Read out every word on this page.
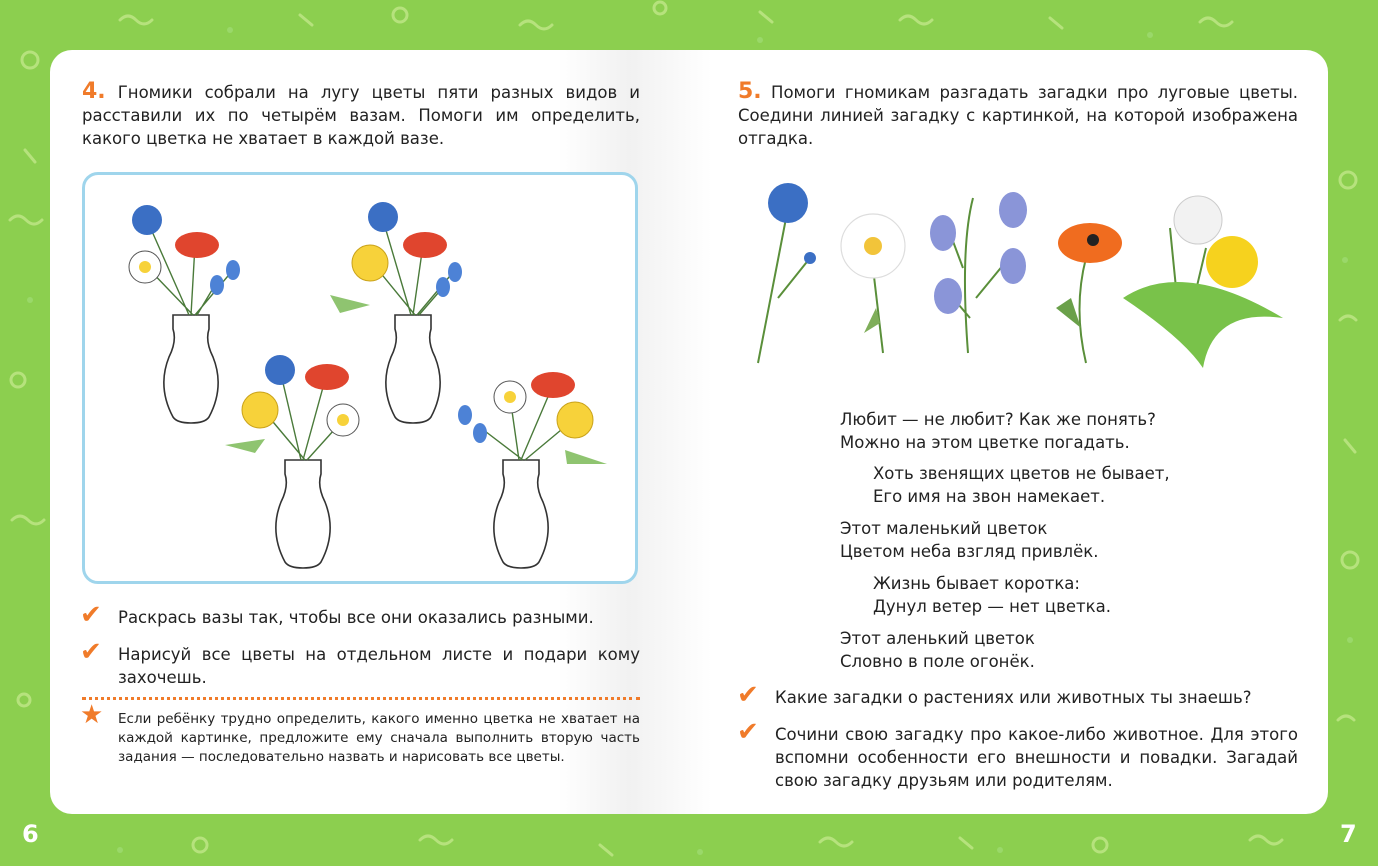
6	7
4. Гномики собрали на лугу цветы пяти разных видов и расставили их по четырём вазам. Помоги им определить, какого цветка не хватает в каждой вазе.
✔ Раскрась вазы так, чтобы все они оказались разными.
✔ Нарисуй все цветы на отдельном листе и подари кому захочешь.
★ Если ребёнку трудно определить, какого именно цветка не хватает на каждой картинке, предложите ему сначала выполнить вторую часть задания — последовательно назвать и нарисовать все цветы.
5. Помоги гномикам разгадать загадки про луговые цветы. Соедини линией загадку с картинкой, на которой изображена отгадка.
Любит — не любит? Как же понять?
Можно на этом цветке погадать.
Хоть звенящих цветов не бывает,
Его имя на звон намекает.
Этот маленький цветок
Цветом неба взгляд привлёк.
Жизнь бывает коротка:
Дунул ветер — нет цветка.
Этот аленький цветок
Словно в поле огонёк.
✔ Какие загадки о растениях или животных ты знаешь?
✔ Сочини свою загадку про какое-либо животное. Для этого вспомни особенности его внешности и повадки. Загадай свою загадку друзьям или родителям.
